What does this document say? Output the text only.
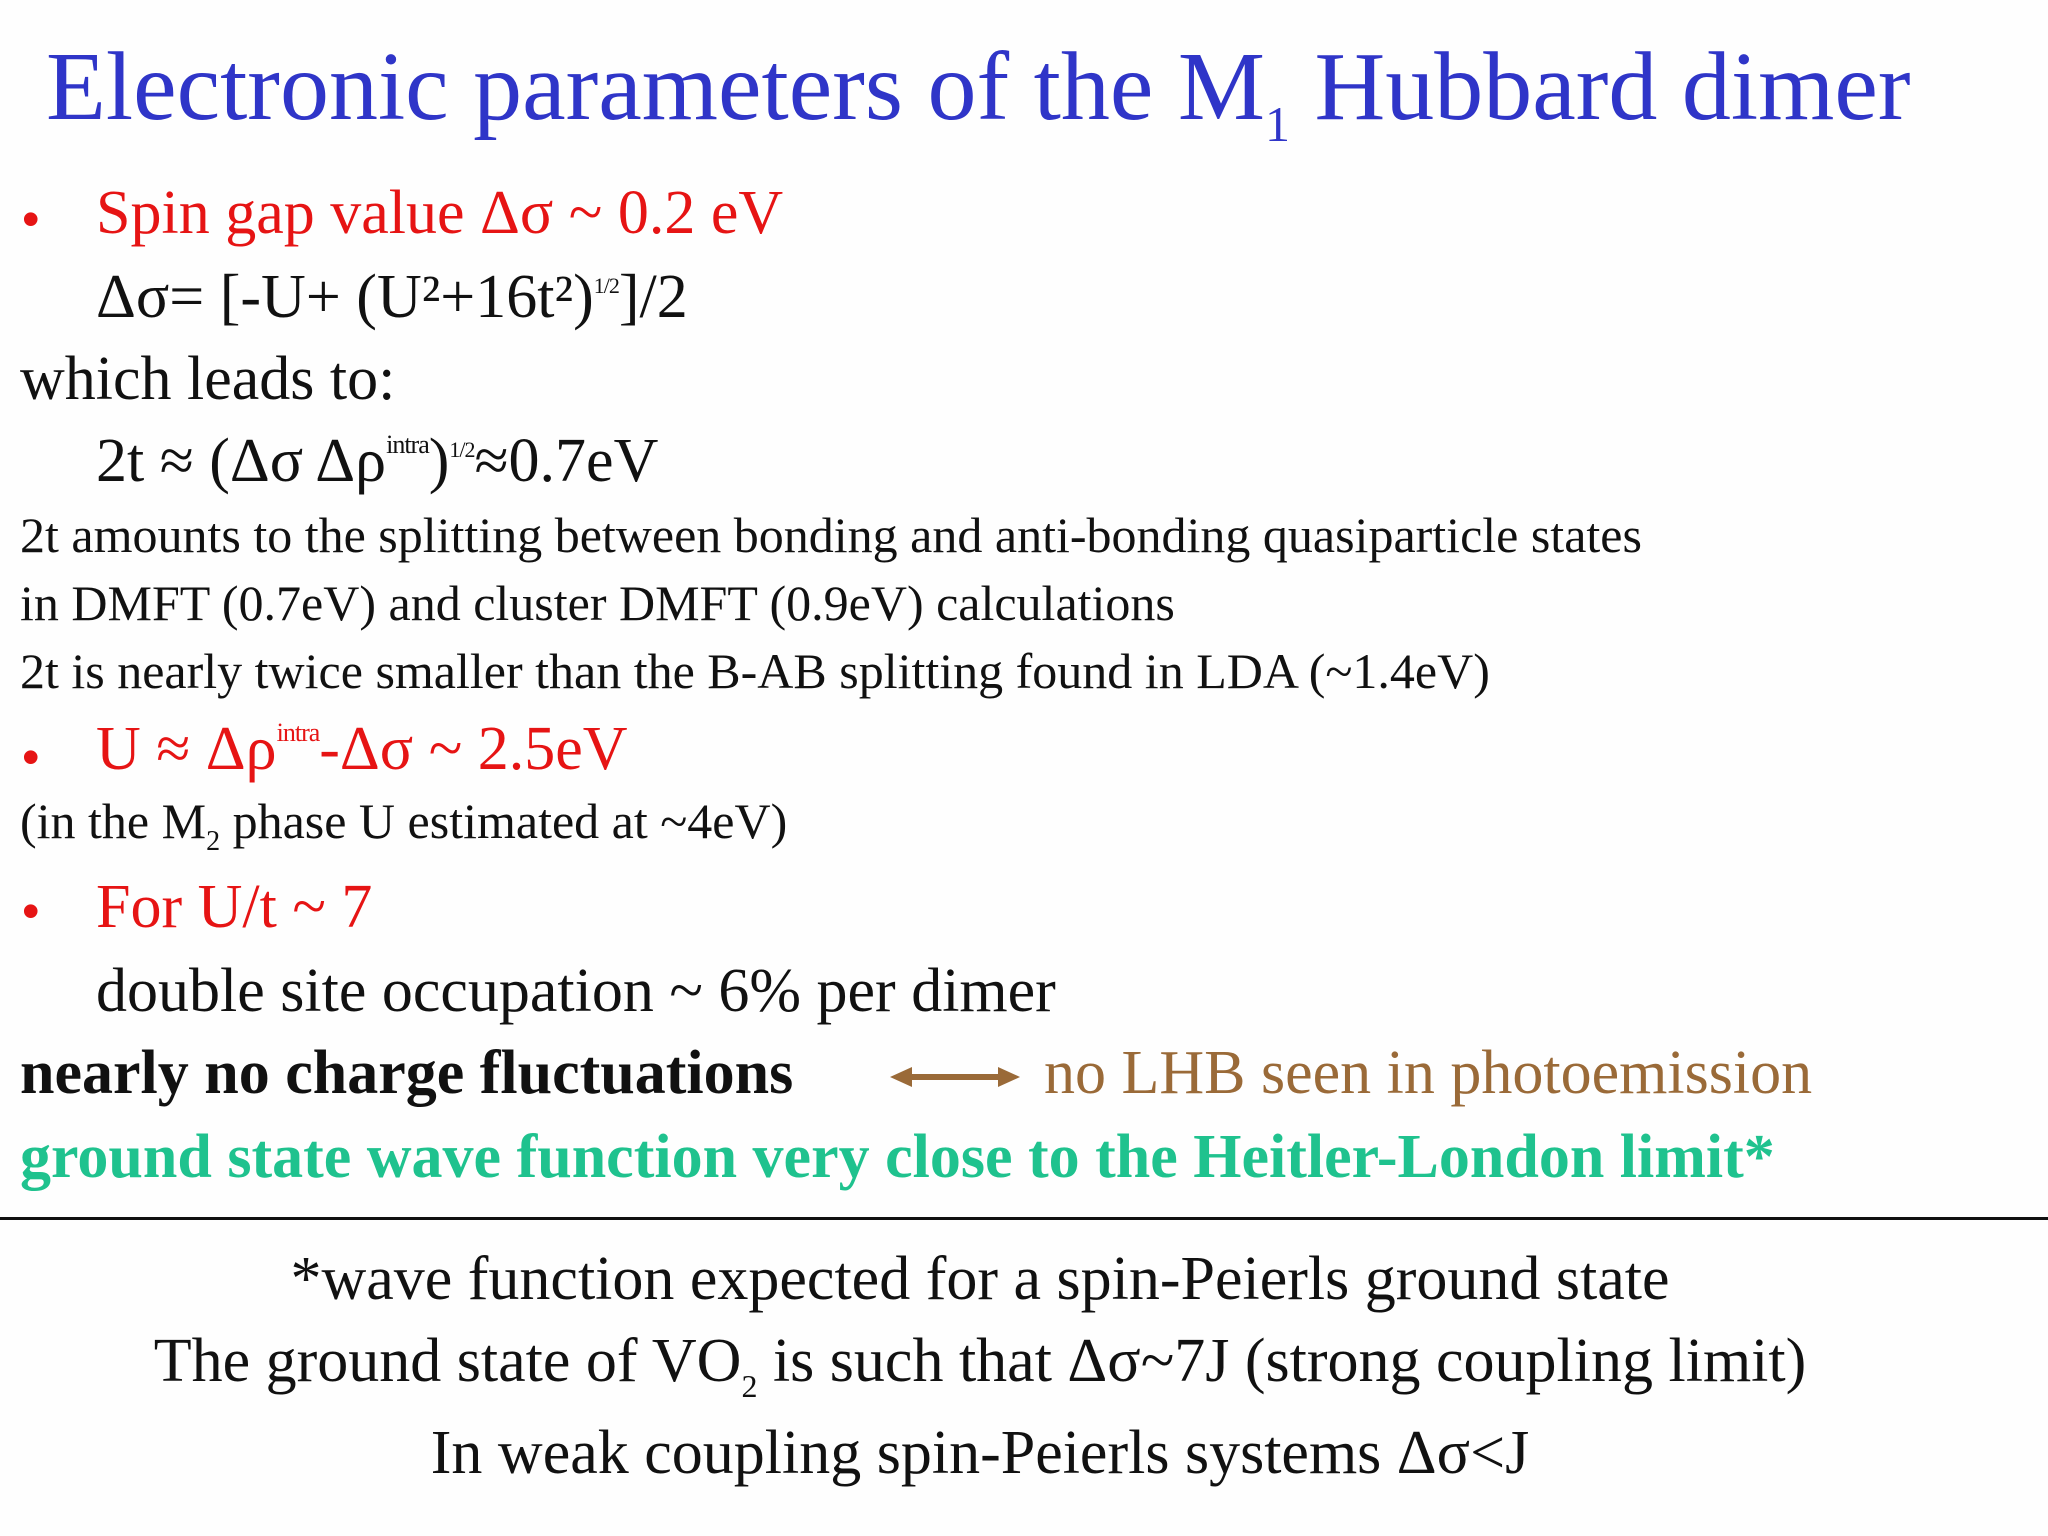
Electronic parameters of the $M_1$ Hubbard dimer
• Spin gap value Δσ ~ 0.2 eV
$\Delta\sigma= [-U+ (U^2+16t^2)^{1/2}]/2$
which leads to:
2t ≈ (Δσ $\Delta\rho^{intra})^{1/2}\approx 0.7eV$
2t amounts to the splitting between bonding and anti-bonding quasiparticle states
in DMFT (0.7eV) and cluster DMFT (0.9eV) calculations
2t is nearly twice smaller than the B-AB splitting found in LDA (~1.4eV)
• $U \approx \Delta\rho^{intra}-\Delta\sigma$ ~ 2.5eV
(in the $M_2$ phase U estimated at ~4eV)
• For U/t ~ 7
double site occupation ~ 6% per dimer
nearly no charge fluctuations	no LHB seen in photoemission
ground state wave function very close to the Heitler-London limit*
*wave function expected for a spin-Peierls ground state
The ground state of $VO_2$ is such that Δσ~7J (strong coupling limit)
In weak coupling spin-Peierls systems Δσ<J
